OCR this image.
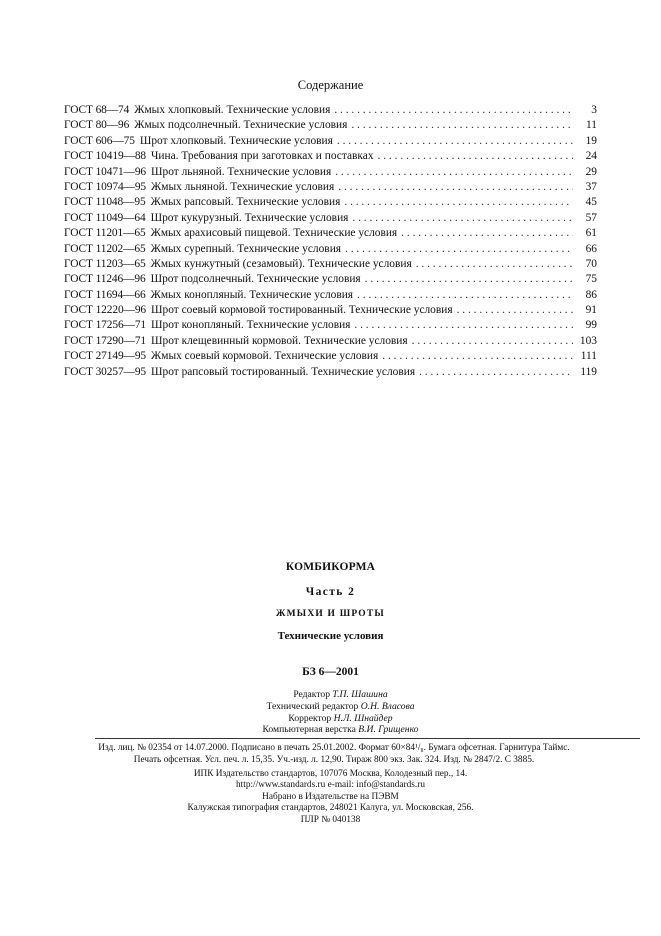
Содержание
ГОСТ 68—74 Жмых хлопковый. Технические условия . . .	3
ГОСТ 80—96 Жмых подсолнечный. Технические условия . . .	11
ГОСТ 606—75 Шрот хлопковый. Технические условия . . .	19
ГОСТ 10419—88 Чина. Требования при заготовках и поставках . . .	24
ГОСТ 10471—96 Шрот льняной. Технические условия . . .	29
ГОСТ 10974—95 Жмых льняной. Технические условия . . .	37
ГОСТ 11048—95 Жмых рапсовый. Технические условия . . .	45
ГОСТ 11049—64 Шрот кукурузный. Технические условия . . .	57
ГОСТ 11201—65 Жмых арахисовый пищевой. Технические условия . . .	61
ГОСТ 11202—65 Жмых сурепный. Технические условия . . .	66
ГОСТ 11203—65 Жмых кунжутный (сезамовый). Технические условия . . .	70
ГОСТ 11246—96 Шрот подсолнечный. Технические условия . . .	75
ГОСТ 11694—66 Жмых конопляный. Технические условия . . .	86
ГОСТ 12220—96 Шрот соевый кормовой тостированный. Технические условия . . .	91
ГОСТ 17256—71 Шрот конопляный. Технические условия . . .	99
ГОСТ 17290—71 Шрот клещевинный кормовой. Технические условия . . .	103
ГОСТ 27149—95 Жмых соевый кормовой. Технические условия . . .	111
ГОСТ 30257—95 Шрот рапсовый тостированный. Технические условия . . .	119
КОМБИКОРМА
Часть 2
ЖМЫХИ И ШРОТЫ
Технические условия
БЗ 6—2001
Редактор Т.П. Шашина
Технический редактор О.Н. Власова
Корректор Н.Л. Шнайдер
Компьютерная верстка В.И. Грищенко
Изд. лиц. № 02354 от 14.07.2000. Подписано в печать 25.01.2002. Формат 60×84¹/₈. Бумага офсетная. Гарнитура Таймс.
Печать офсетная. Усл. печ. л. 15,35. Уч.-изд. л. 12,90. Тираж 800 экз. Зак. 324. Изд. № 2847/2. С 3885.
ИПК Издательство стандартов, 107076 Москва, Колодезный пер., 14.
http://www.standards.ru e-mail: info@standards.ru
Набрано в Издательстве на ПЭВМ
Калужская типография стандартов, 248021 Калуга, ул. Московская, 256.
ПЛР № 040138
